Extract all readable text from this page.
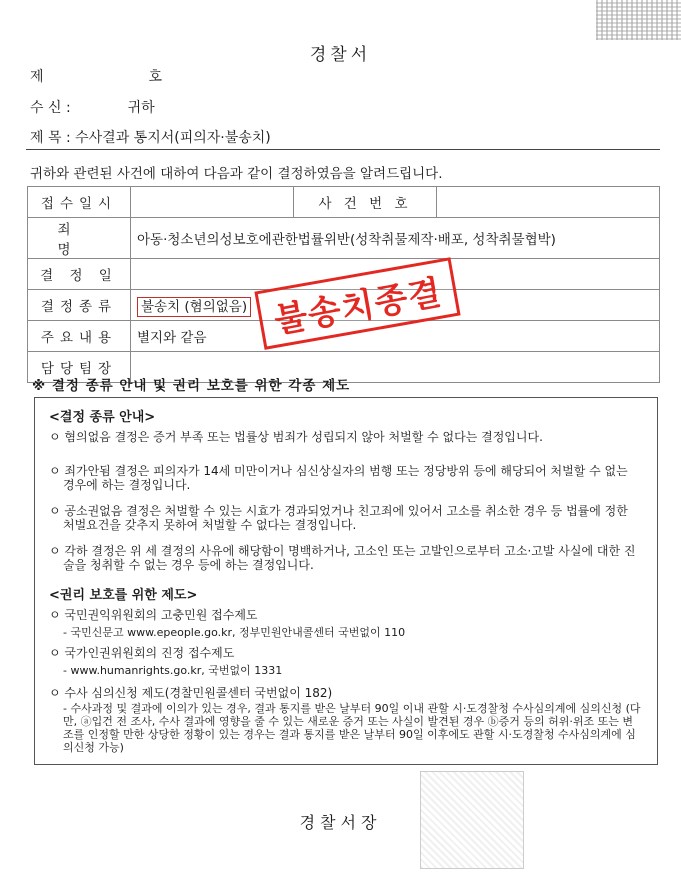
경찰서
제	호
수 신 :	귀하
제 목 : 수사결과 통지서(피의자·불송치)
귀하와 관련된 사건에 대하여 다음과 같이 결정하였음을 알려드립니다.
접수일시		사 건 번 호	
죄 명	아동·청소년의성보호에관한법률위반(성착취물제작·배포, 성착취물협박)		
결 정 일			
결정종류	불송치 (혐의없음)		
주요내용	별지와 같음		
담당팀장			
불송치종결
※ 결정 종류 안내 및 권리 보호를 위한 각종 제도
<결정 종류 안내>
ㅇ 혐의없음 결정은 증거 부족 또는 법률상 범죄가 성립되지 않아 처벌할 수 없다는 결정입니다.
ㅇ 죄가안됨 결정은 피의자가 14세 미만이거나 심신상실자의 범행 또는 정당방위 등에 해당되어 처벌할 수 없는 경우에 하는 결정입니다.
ㅇ 공소권없음 결정은 처벌할 수 있는 시효가 경과되었거나 친고죄에 있어서 고소를 취소한 경우 등 법률에 정한 처벌요건을 갖추지 못하여 처벌할 수 없다는 결정입니다.
ㅇ 각하 결정은 위 세 결정의 사유에 해당함이 명백하거나, 고소인 또는 고발인으로부터 고소·고발 사실에 대한 진술을 청취할 수 없는 경우 등에 하는 결정입니다.
<권리 보호를 위한 제도>
ㅇ 국민권익위원회의 고충민원 접수제도
- 국민신문고 www.epeople.go.kr, 정부민원안내콜센터 국번없이 110
ㅇ 국가인권위원회의 진정 접수제도
- www.humanrights.go.kr, 국번없이 1331
ㅇ 수사 심의신청 제도(경찰민원콜센터 국번없이 182)
- 수사과정 및 결과에 이의가 있는 경우, 결과 통지를 받은 날부터 90일 이내 관할 시·도경찰청 수사심의계에 심의신청 (다만, ⓐ입건 전 조사, 수사 결과에 영향을 줄 수 있는 새로운 증거 또는 사실이 발견된 경우 ⓑ증거 등의 허위·위조 또는 변조를 인정할 만한 상당한 정황이 있는 경우는 결과 통지를 받은 날부터 90일 이후에도 관할 시·도경찰청 수사심의계에 심의신청 가능)
경찰서장
